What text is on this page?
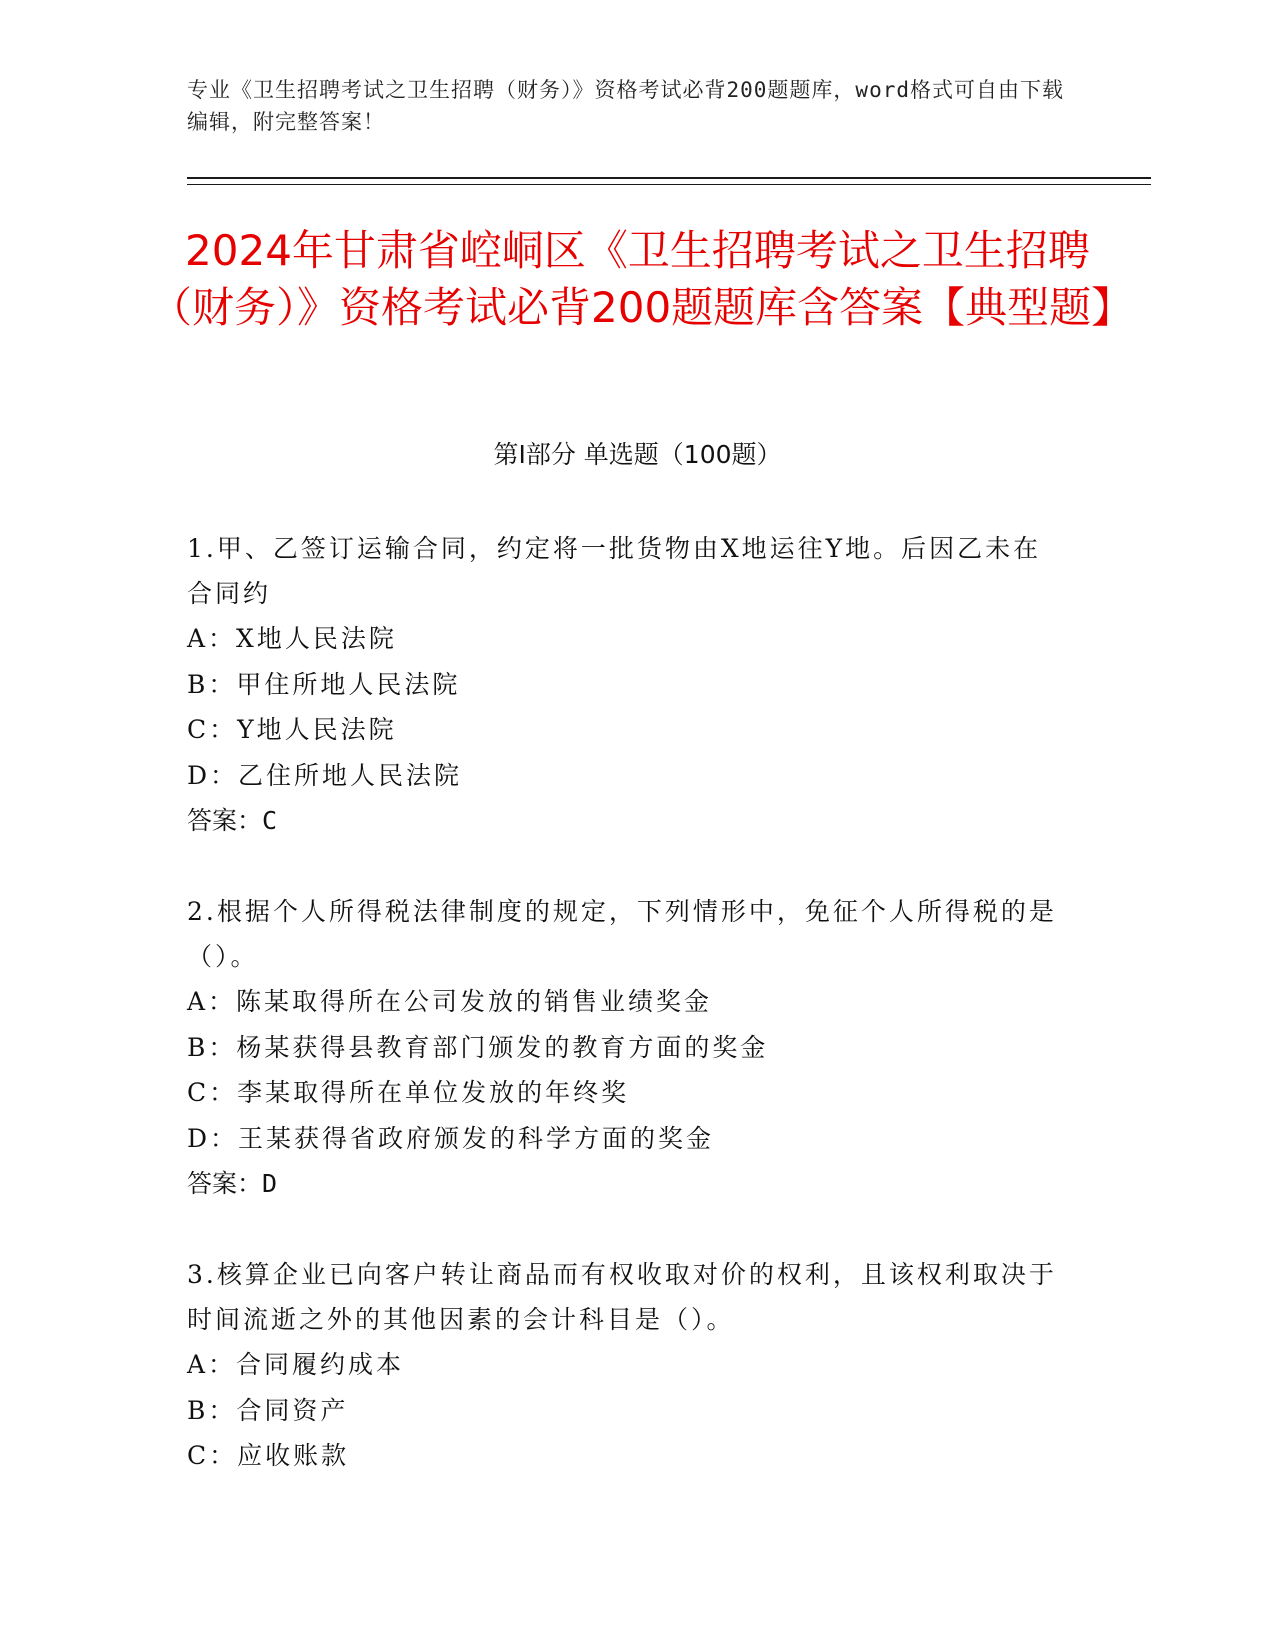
专业《卫生招聘考试之卫生招聘（财务）》资格考试必背200题题库，word格式可自由下载编辑，附完整答案！
2024年甘肃省崆峒区《卫生招聘考试之卫生招聘（财务）》资格考试必背200题题库含答案【典型题】
第Ⅰ部分 单选题（100题）
1.甲、乙签订运输合同，约定将一批货物由X地运往Y地。后因乙未在合同约
A：X地人民法院
B：甲住所地人民法院
C：Y地人民法院
D：乙住所地人民法院
答案：C
2.根据个人所得税法律制度的规定，下列情形中，免征个人所得税的是（）。
A：陈某取得所在公司发放的销售业绩奖金
B：杨某获得县教育部门颁发的教育方面的奖金
C：李某取得所在单位发放的年终奖
D：王某获得省政府颁发的科学方面的奖金
答案：D
3.核算企业已向客户转让商品而有权收取对价的权利，且该权利取决于时间流逝之外的其他因素的会计科目是（）。
A：合同履约成本
B：合同资产
C：应收账款
